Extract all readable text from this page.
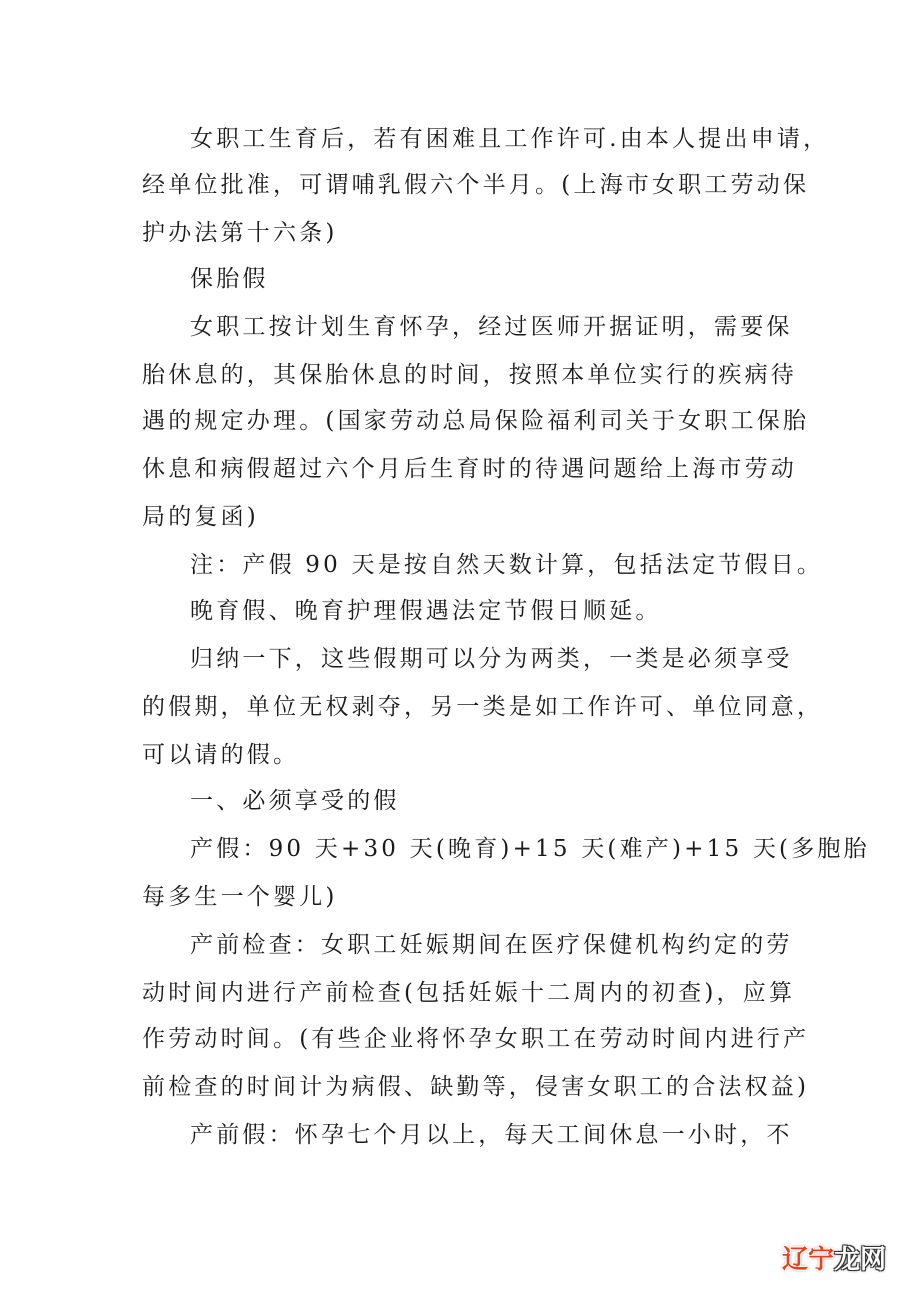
女职工生育后，若有困难且工作许可.由本人提出申请，
经单位批准，可谓哺乳假六个半月。(上海市女职工劳动保
护办法第十六条)
保胎假
女职工按计划生育怀孕，经过医师开据证明，需要保
胎休息的，其保胎休息的时间，按照本单位实行的疾病待
遇的规定办理。(国家劳动总局保险福利司关于女职工保胎
休息和病假超过六个月后生育时的待遇问题给上海市劳动
局的复函)
注：产假 90 天是按自然天数计算，包括法定节假日。
晚育假、晚育护理假遇法定节假日顺延。
归纳一下，这些假期可以分为两类，一类是必须享受
的假期，单位无权剥夺，另一类是如工作许可、单位同意，
可以请的假。
一、必须享受的假
产假：90 天+30 天(晚育)+15 天(难产)+15 天(多胞胎
每多生一个婴儿)
产前检查：女职工妊娠期间在医疗保健机构约定的劳
动时间内进行产前检查(包括妊娠十二周内的初查)，应算
作劳动时间。(有些企业将怀孕女职工在劳动时间内进行产
前检查的时间计为病假、缺勤等，侵害女职工的合法权益)
产前假：怀孕七个月以上，每天工间休息一小时，不
辽宁龙网
